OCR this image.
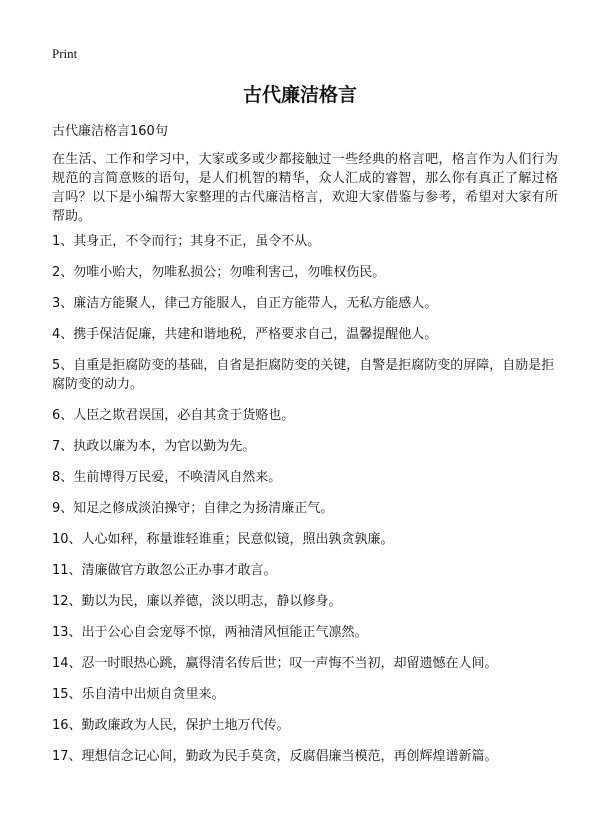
Print
古代廉洁格言

古代廉洁格言160句

在生活、工作和学习中，大家或多或少都接触过一些经典的格言吧，格言作为人们行为规范的言简意赅的语句，是人们机智的精华，众人汇成的睿智，那么你有真正了解过格言吗？以下是小编帮大家整理的古代廉洁格言，欢迎大家借鉴与参考，希望对大家有所帮助。

1、其身正，不令而行；其身不正，虽令不从。
2、勿唯小贻大，勿唯私损公；勿唯利害己，勿唯权伤民。
3、廉洁方能聚人，律己方能服人，自正方能带人，无私方能感人。
4、携手保洁促廉，共建和谐地税，严格要求自己，温馨提醒他人。
5、自重是拒腐防变的基础，自省是拒腐防变的关键，自警是拒腐防变的屏障，自励是拒腐防变的动力。
6、人臣之欺君误国，必自其贪于货赂也。
7、执政以廉为本，为官以勤为先。
8、生前博得万民爱，不唤清风自然来。
9、知足之修成淡泊操守；自律之为扬清廉正气。
10、人心如秤，称量谁轻谁重；民意似镜，照出孰贪孰廉。
11、清廉做官方敢忽公正办事才敢言。
12、勤以为民，廉以养德，淡以明志，静以修身。
13、出于公心自会宠辱不惊，两袖清风恒能正气凛然。
14、忍一时眼热心跳，赢得清名传后世；叹一声悔不当初，却留遗憾在人间。
15、乐自清中出烦自贪里来。
16、勤政廉政为人民，保护土地万代传。
17、理想信念记心间，勤政为民手莫贪，反腐倡廉当模范，再创辉煌谱新篇。
